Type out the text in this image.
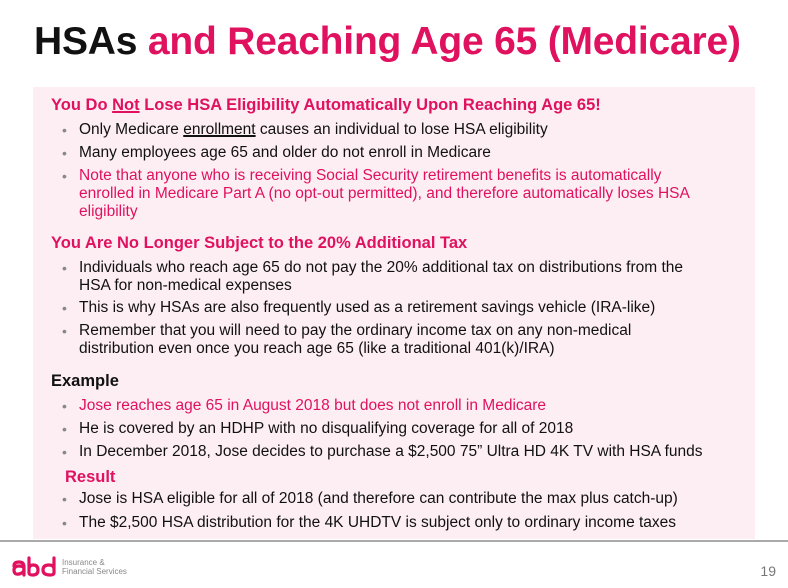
HSAs and Reaching Age 65 (Medicare)
You Do Not Lose HSA Eligibility Automatically Upon Reaching Age 65!
• Only Medicare enrollment causes an individual to lose HSA eligibility
• Many employees age 65 and older do not enroll in Medicare
• Note that anyone who is receiving Social Security retirement benefits is automatically
enrolled in Medicare Part A (no opt-out permitted), and therefore automatically loses HSA
eligibility
You Are No Longer Subject to the 20% Additional Tax
• Individuals who reach age 65 do not pay the 20% additional tax on distributions from the
HSA for non-medical expenses
• This is why HSAs are also frequently used as a retirement savings vehicle (IRA-like)
• Remember that you will need to pay the ordinary income tax on any non-medical
distribution even once you reach age 65 (like a traditional 401(k)/IRA)
Example
• Jose reaches age 65 in August 2018 but does not enroll in Medicare
• He is covered by an HDHP with no disqualifying coverage for all of 2018
• In December 2018, Jose decides to purchase a $2,500 75” Ultra HD 4K TV with HSA funds
Result
• Jose is HSA eligible for all of 2018 (and therefore can contribute the max plus catch-up)
• The $2,500 HSA distribution for the 4K UHDTV is subject only to ordinary income taxes
Insurance &
Financial Services	19
